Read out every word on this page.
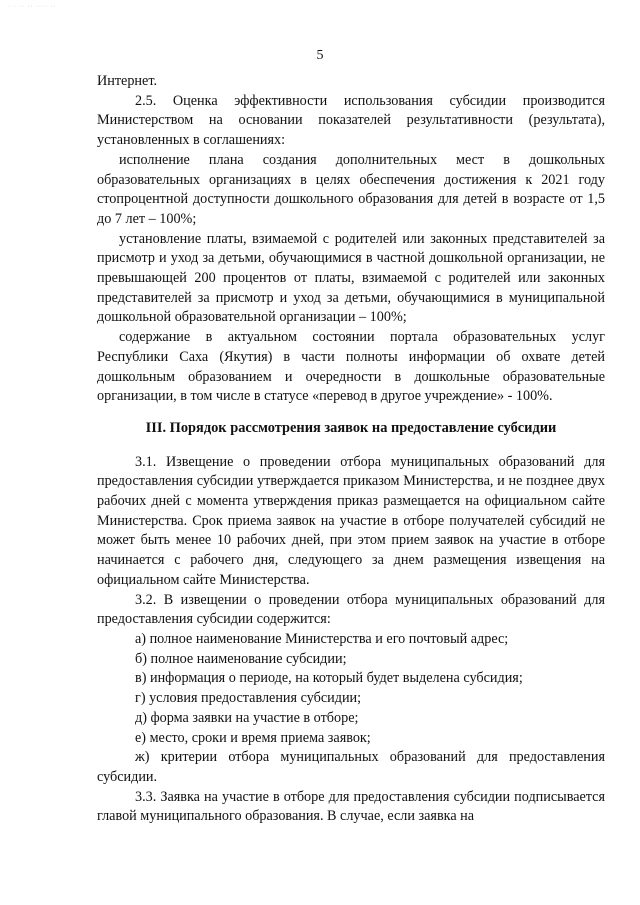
· · ·· ·· ···· ··
5

Интернет.

2.5. Оценка эффективности использования субсидии производится Министерством на основании показателей результативности (результата), установленных в соглашениях:

исполнение плана создания дополнительных мест в дошкольных образовательных организациях в целях обеспечения достижения к 2021 году стопроцентной доступности дошкольного образования для детей в возрасте от 1,5 до 7 лет – 100%;

установление платы, взимаемой с родителей или законных представителей за присмотр и уход за детьми, обучающимися в частной дошкольной организации, не превышающей 200 процентов от платы, взимаемой с родителей или законных представителей за присмотр и уход за детьми, обучающимися в муниципальной дошкольной образовательной организации – 100%;

содержание в актуальном состоянии портала образовательных услуг Республики Саха (Якутия) в части полноты информации об охвате детей дошкольным образованием и очередности в дошкольные образовательные организации, в том числе в статусе «перевод в другое учреждение» - 100%.

III. Порядок рассмотрения заявок на предоставление субсидии

3.1. Извещение о проведении отбора муниципальных образований для предоставления субсидии утверждается приказом Министерства, и не позднее двух рабочих дней с момента утверждения приказ размещается на официальном сайте Министерства. Срок приема заявок на участие в отборе получателей субсидий не может быть менее 10 рабочих дней, при этом прием заявок на участие в отборе начинается с рабочего дня, следующего за днем размещения извещения на официальном сайте Министерства.

3.2. В извещении о проведении отбора муниципальных образований для предоставления субсидии содержится:

а) полное наименование Министерства и его почтовый адрес;

б) полное наименование субсидии;

в) информация о периоде, на который будет выделена субсидия;

г) условия предоставления субсидии;

д) форма заявки на участие в отборе;

е) место, сроки и время приема заявок;

ж) критерии отбора муниципальных образований для предоставления субсидии.

3.3. Заявка на участие в отборе для предоставления субсидии подписывается главой муниципального образования. В случае, если заявка на
